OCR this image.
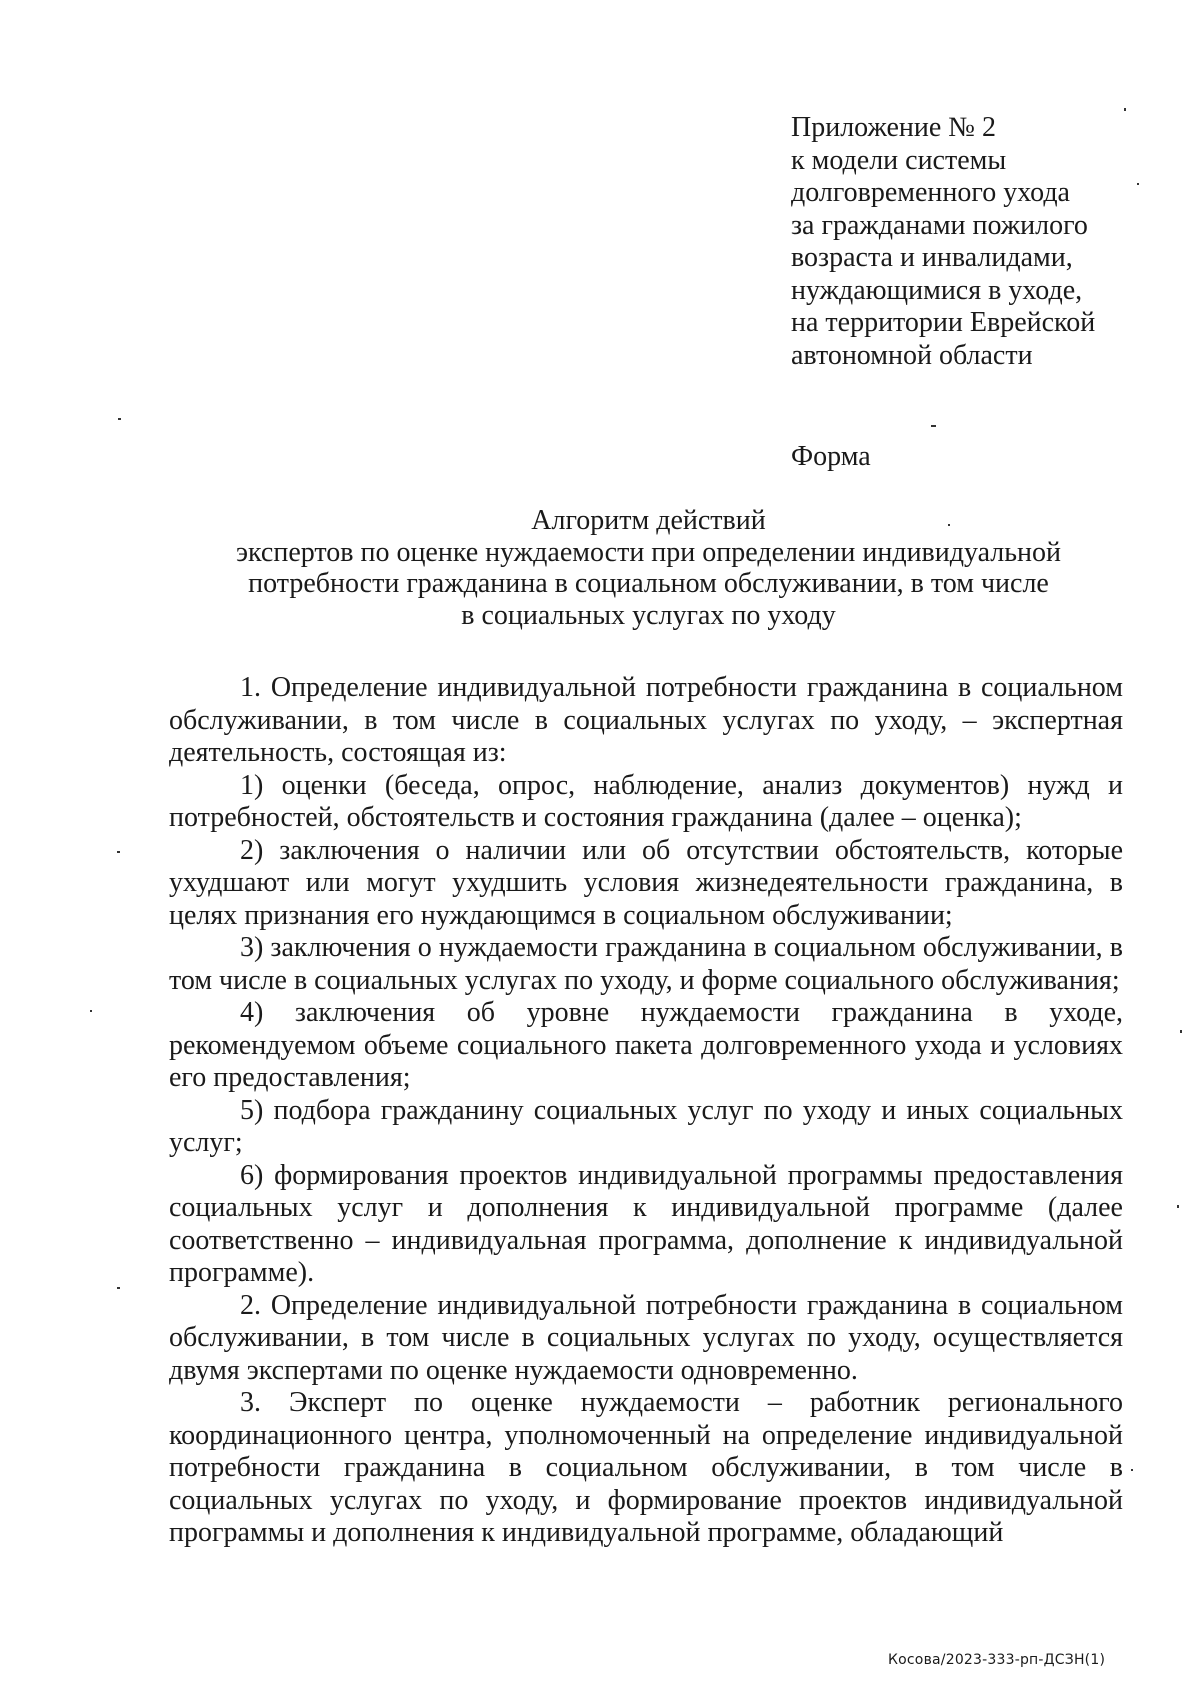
Приложение № 2
к модели системы
долговременного ухода
за гражданами пожилого
возраста и инвалидами,
нуждающимися в уходе,
на территории Еврейской
автономной области
Форма
Алгоритм действий
экспертов по оценке нуждаемости при определении индивидуальной
потребности гражданина в социальном обслуживании, в том числе
в социальных услугах по уходу

1. Определение индивидуальной потребности гражданина в социальном обслуживании, в том числе в социальных услугах по уходу, – экспертная деятельность, состоящая из:

1) оценки (беседа, опрос, наблюдение, анализ документов) нужд и потребностей, обстоятельств и состояния гражданина (далее – оценка);

2) заключения о наличии или об отсутствии обстоятельств, которые ухудшают или могут ухудшить условия жизнедеятельности гражданина, в целях признания его нуждающимся в социальном обслуживании;

3) заключения о нуждаемости гражданина в социальном обслуживании, в том числе в социальных услугах по уходу, и форме социального обслуживания;

4) заключения об уровне нуждаемости гражданина в уходе, рекомендуемом объеме социального пакета долговременного ухода и условиях его предоставления;

5) подбора гражданину социальных услуг по уходу и иных социальных услуг;

6) формирования проектов индивидуальной программы предоставления социальных услуг и дополнения к индивидуальной программе (далее соответственно – индивидуальная программа, дополнение к индивидуальной программе).

2. Определение индивидуальной потребности гражданина в социальном обслуживании, в том числе в социальных услугах по уходу, осуществляется двумя экспертами по оценке нуждаемости одновременно.

3. Эксперт по оценке нуждаемости – работник регионального координационного центра, уполномоченный на определение индивидуальной потребности гражданина в социальном обслуживании, в том числе в социальных услугах по уходу, и формирование проектов индивидуальной программы и дополнения к индивидуальной программе, обладающий

Косова/2023-333-рп-ДСЗН(1)
